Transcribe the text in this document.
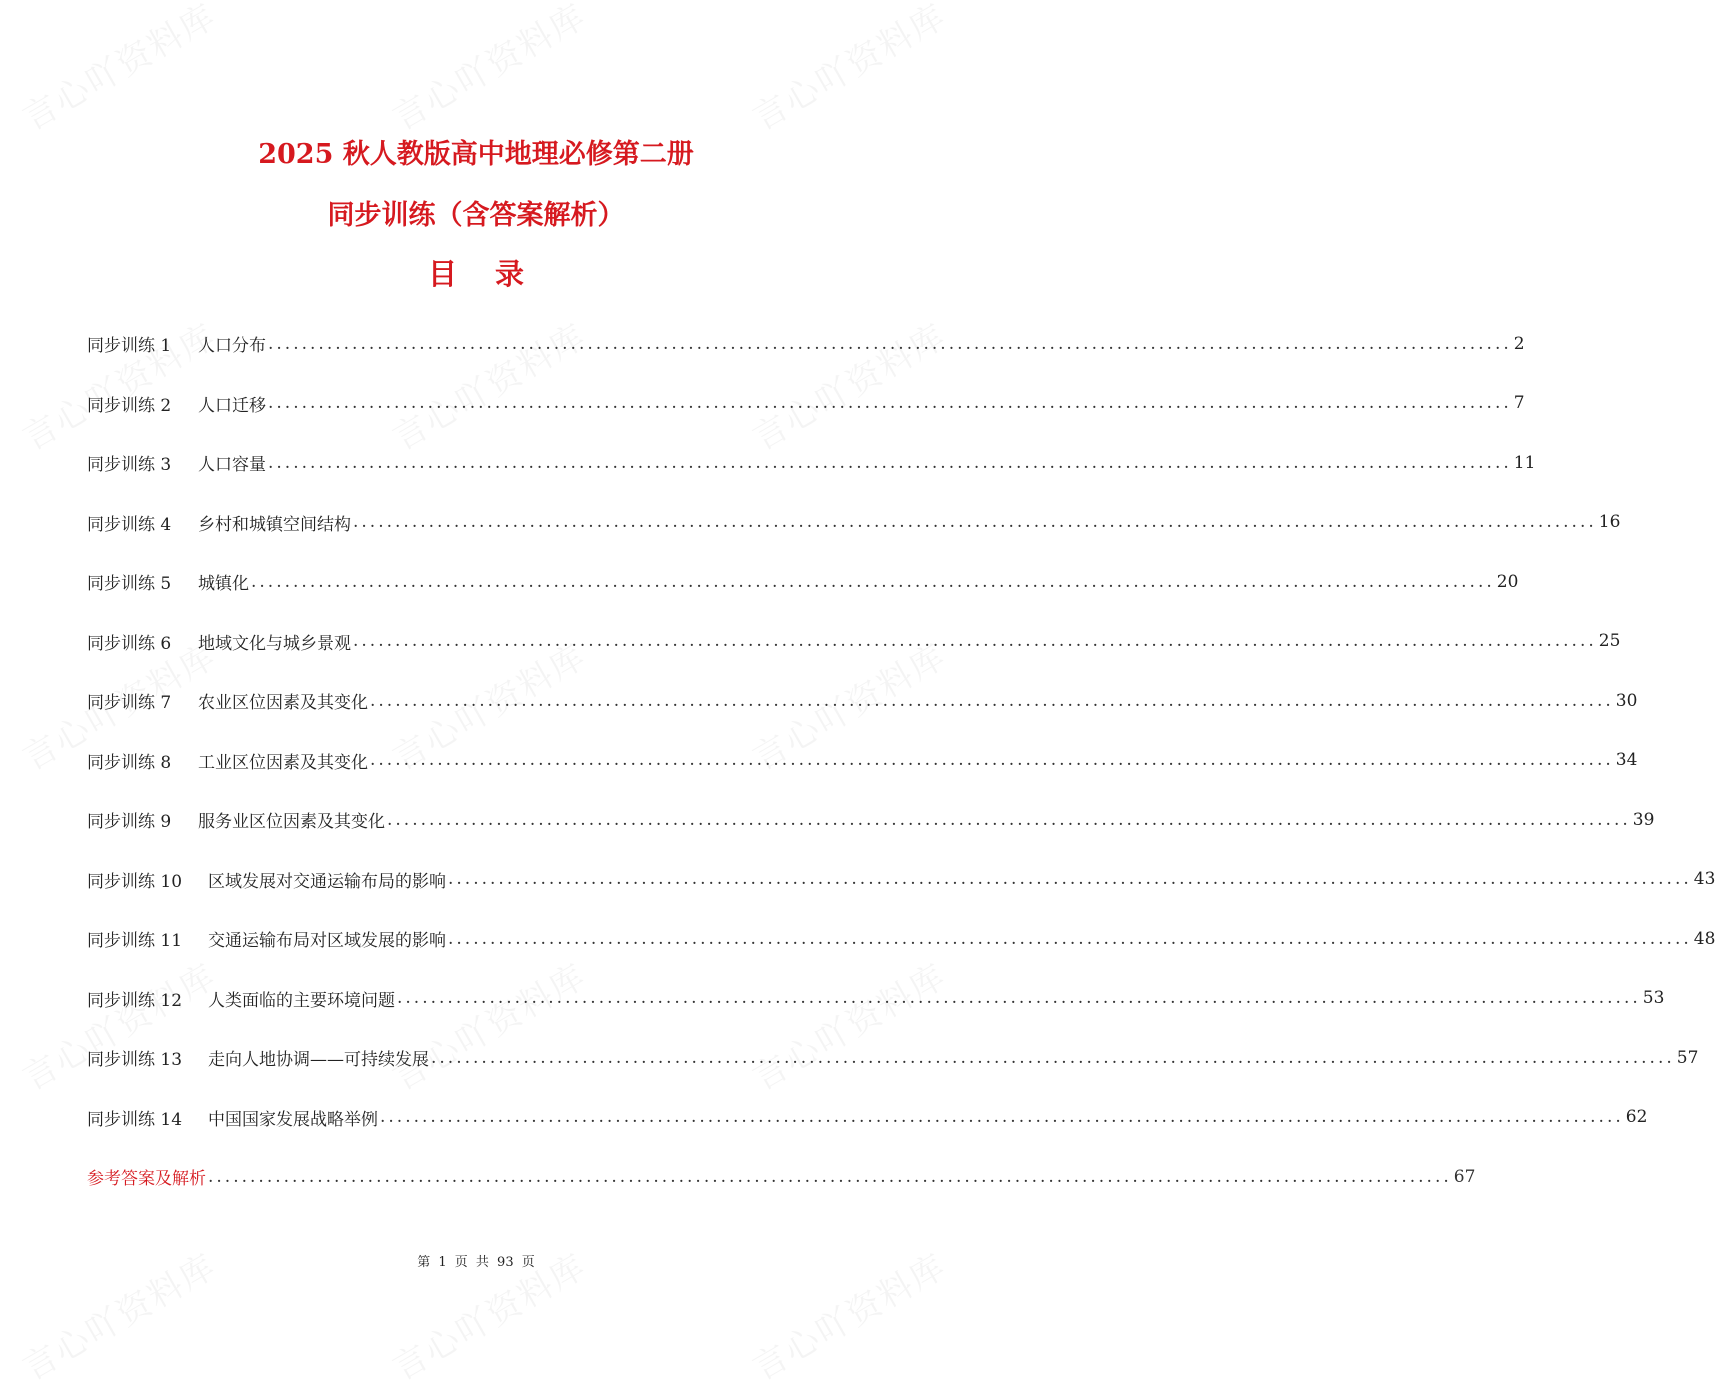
2025 秋人教版高中地理必修第二册
同步训练（含答案解析）
目 录
同步训练 1	人口分布 .................................................................................................................................................... 2
同步训练 2	人口迁移 .................................................................................................................................................... 7
同步训练 3	人口容量 .................................................................................................................................................... 11
同步训练 4	乡村和城镇空间结构 .................................................................................................................................................... 16
同步训练 5	城镇化 .................................................................................................................................................... 20
同步训练 6	地域文化与城乡景观 .................................................................................................................................................... 25
同步训练 7	农业区位因素及其变化 .................................................................................................................................................... 30
同步训练 8	工业区位因素及其变化 .................................................................................................................................................... 34
同步训练 9	服务业区位因素及其变化 .................................................................................................................................................... 39
同步训练 10	区域发展对交通运输布局的影响 .................................................................................................................................................... 43
同步训练 11	交通运输布局对区域发展的影响 .................................................................................................................................................... 48
同步训练 12	人类面临的主要环境问题 .................................................................................................................................................... 53
同步训练 13	走向人地协调——可持续发展 .................................................................................................................................................... 57
同步训练 14	中国国家发展战略举例 .................................................................................................................................................... 62
参考答案及解析 .................................................................................................................................................... 67
第 1 页 共 93 页
